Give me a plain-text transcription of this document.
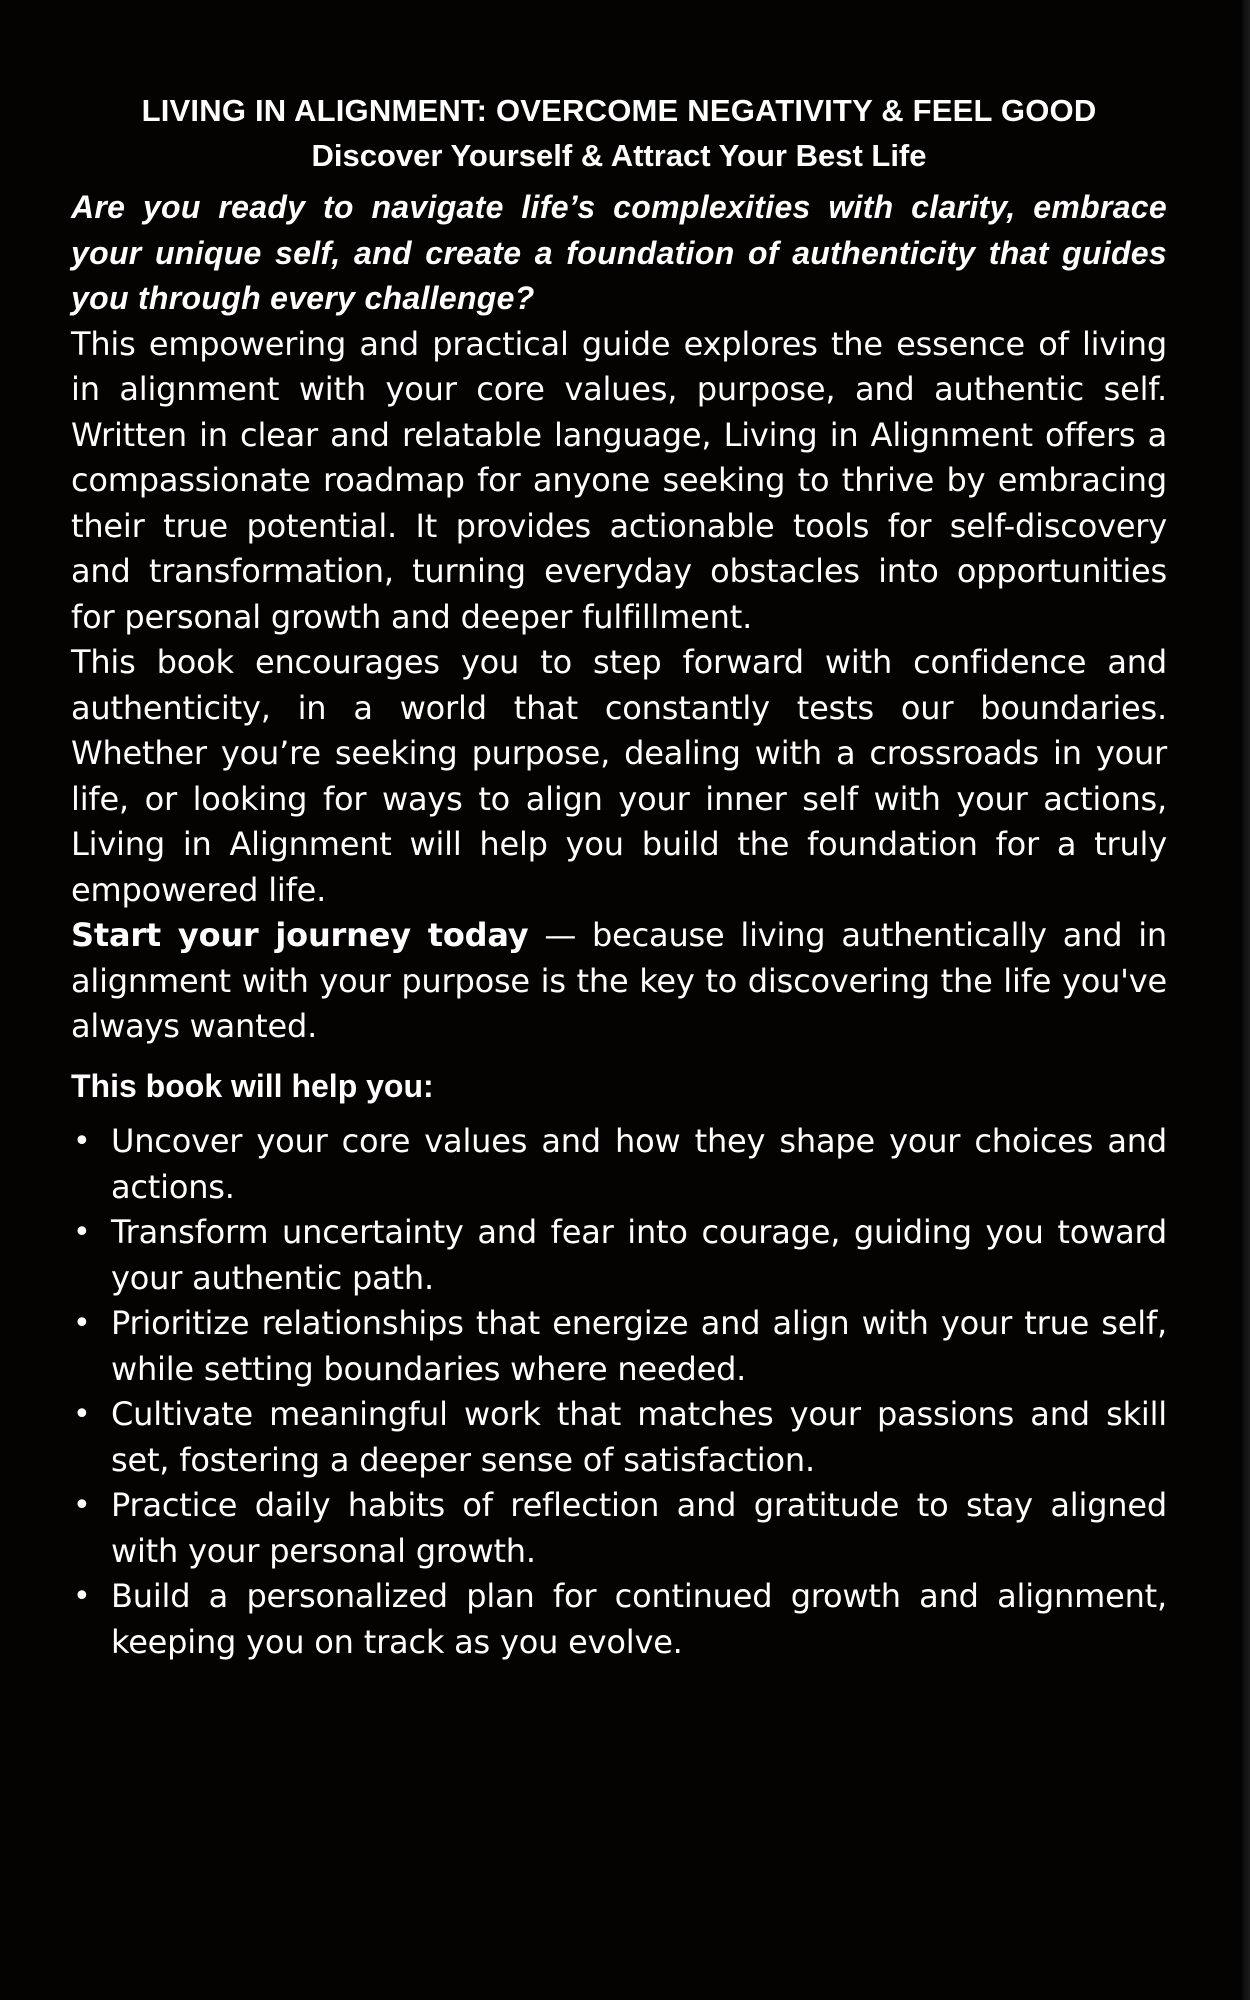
LIVING IN ALIGNMENT: OVERCOME NEGATIVITY & FEEL GOOD
Discover Yourself & Attract Your Best Life

Are you ready to navigate life’s complexities with clarity, embrace your unique self, and create a foundation of authenticity that guides you through every challenge?

This empowering and practical guide explores the essence of living in alignment with your core values, purpose, and authentic self. Written in clear and relatable language, Living in Alignment offers a compassionate roadmap for anyone seeking to thrive by embracing their true potential. It provides actionable tools for self-discovery and transformation, turning everyday obstacles into opportunities for personal growth and deeper fulfillment.

This book encourages you to step forward with confidence and authenticity, in a world that constantly tests our boundaries. Whether you’re seeking purpose, dealing with a crossroads in your life, or looking for ways to align your inner self with your actions, Living in Alignment will help you build the foundation for a truly empowered life.

Start your journey today — because living authentically and in alignment with your purpose is the key to discovering the life you've always wanted.

This book will help you:

• Uncover your core values and how they shape your choices and actions.
• Transform uncertainty and fear into courage, guiding you toward your authentic path.
• Prioritize relationships that energize and align with your true self, while setting boundaries where needed.
• Cultivate meaningful work that matches your passions and skill set, fostering a deeper sense of satisfaction.
• Practice daily habits of reflection and gratitude to stay aligned with your personal growth.
• Build a personalized plan for continued growth and alignment, keeping you on track as you evolve.
